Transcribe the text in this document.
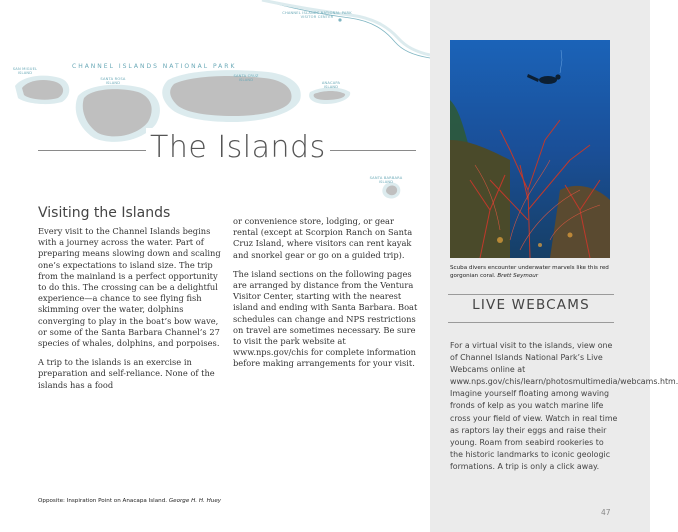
SAN MIGUEL ISLAND
SANTA ROSA ISLAND
SANTA CRUZ ISLAND
ANACAPA ISLAND
CHANNEL ISLANDS NATIONAL PARK VISITOR CENTER
SANTA BARBARA ISLAND
CHANNEL ISLANDS NATIONAL PARK
The Islands
Visiting the Islands

Every visit to the Channel Islands begins with a journey across the water. Part of preparing means slowing down and scaling one’s expectations to island size. The trip from the mainland is a perfect opportunity to do this. The crossing can be a delightful experience—a chance to see flying fish skimming over the water, dolphins converging to play in the boat’s bow wave, or some of the Santa Barbara Channel’s 27 species of whales, dolphins, and porpoises.

A trip to the islands is an exercise in preparation and self-reliance. None of the islands has a food

or convenience store, lodging, or gear rental (except at Scorpion Ranch on Santa Cruz Island, where visitors can rent kayak and snorkel gear or go on a guided trip).

The island sections on the following pages are arranged by distance from the Ventura Visitor Center, starting with the nearest island and ending with Santa Barbara. Boat schedules can change and NPS restrictions on travel are sometimes necessary. Be sure to visit the park website at www.nps.gov/chis for complete information before making arrangements for your visit.

Opposite: Inspiration Point on Anacapa Island. George H. H. Huey
Scuba divers encounter underwater marvels like this red gorgonian coral. Brett Seymour
LIVE WEBCAMS
For a virtual visit to the islands, view one of Channel Islands National Park’s Live Webcams online at www.nps.gov/chis/learn/photosmultimedia/webcams.htm. Imagine yourself floating among waving fronds of kelp as you watch marine life cross your field of view. Watch in real time as raptors lay their eggs and raise their young. Roam from seabird rookeries to the historic landmarks to iconic geologic formations. A trip is only a click away.
47
